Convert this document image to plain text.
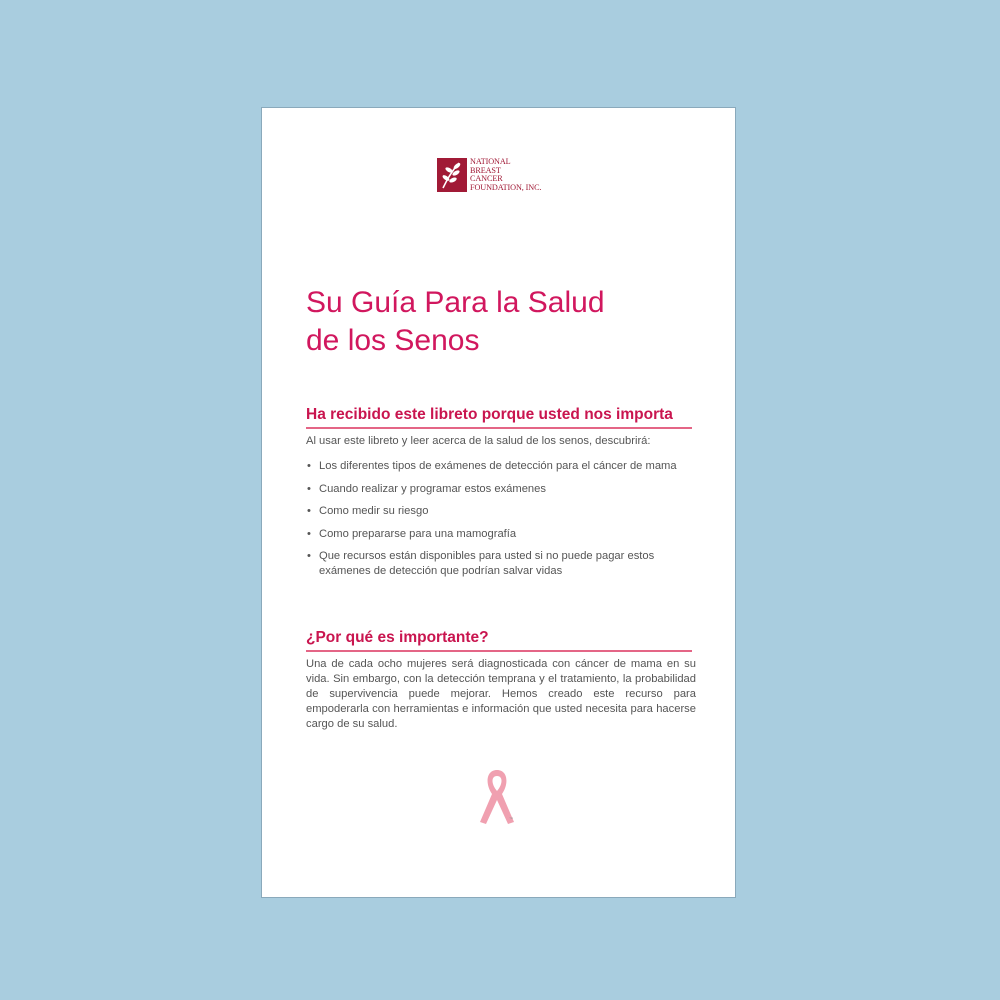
NATIONAL
BREAST
CANCER
FOUNDATION, INC.
Su Guía Para la Salud
de los Senos
Ha recibido este libreto porque usted nos importa
Al usar este libreto y leer acerca de la salud de los senos, descubrirá:
• Los diferentes tipos de exámenes de detección para el cáncer de mama
• Cuando realizar y programar estos exámenes
• Como medir su riesgo
• Como prepararse para una mamografía
• Que recursos están disponibles para usted si no puede pagar estos exámenes de detección que podrían salvar vidas
¿Por qué es importante?
Una de cada ocho mujeres será diagnosticada con cáncer de mama en su vida. Sin embargo, con la detección temprana y el tratamiento, la probabilidad de supervivencia puede mejorar. Hemos creado este recurso para empoderarla con herramientas e información que usted necesita para hacerse cargo de su salud.
™
